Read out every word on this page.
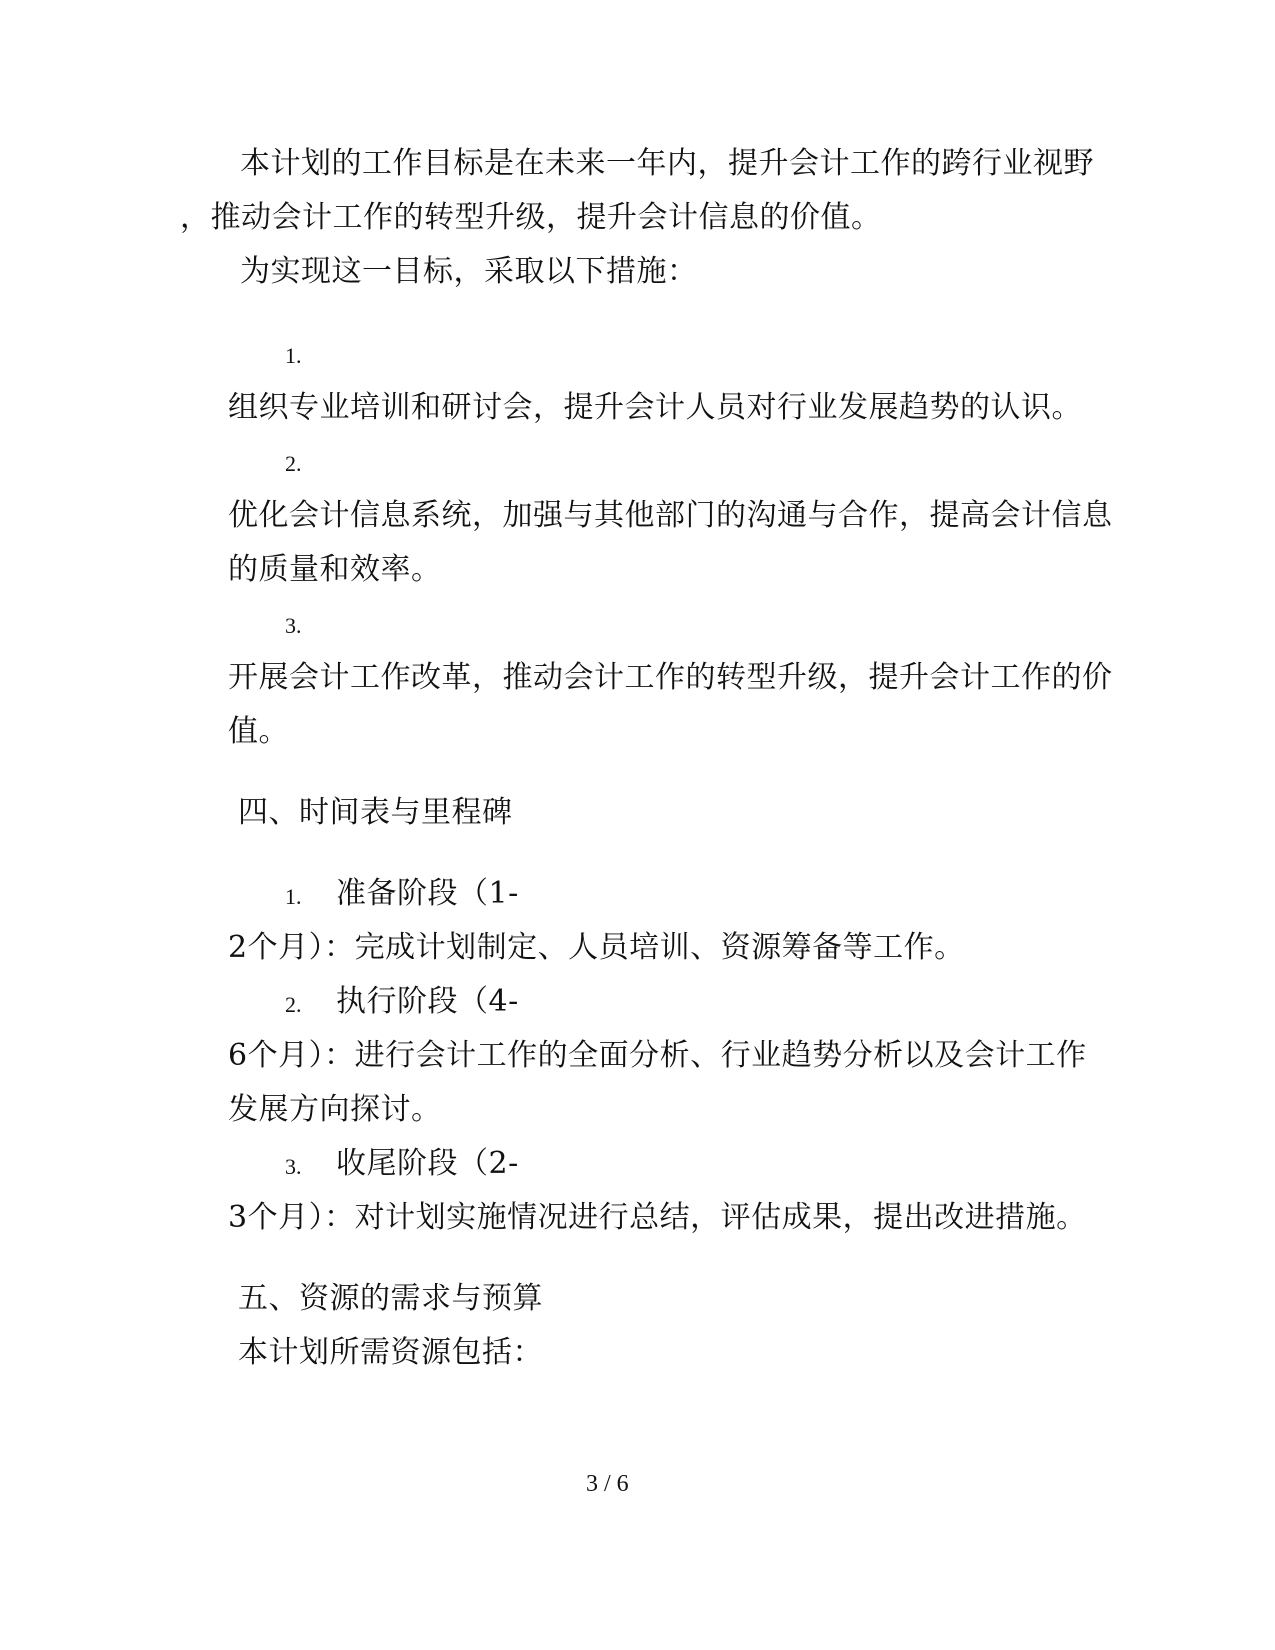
本计划的工作目标是在未来一年内，提升会计工作的跨行业视野
，推动会计工作的转型升级，提升会计信息的价值。
为实现这一目标，采取以下措施：
1.
组织专业培训和研讨会，提升会计人员对行业发展趋势的认识。
2.
优化会计信息系统，加强与其他部门的沟通与合作，提高会计信息
的质量和效率。
3.
开展会计工作改革，推动会计工作的转型升级，提升会计工作的价
值。
四、时间表与里程碑
1. 准备阶段（1-
2个月）：完成计划制定、人员培训、资源筹备等工作。
2. 执行阶段（4-
6个月）：进行会计工作的全面分析、行业趋势分析以及会计工作
发展方向探讨。
3. 收尾阶段（2-
3个月）：对计划实施情况进行总结，评估成果，提出改进措施。
五、资源的需求与预算
本计划所需资源包括：
3 / 6
